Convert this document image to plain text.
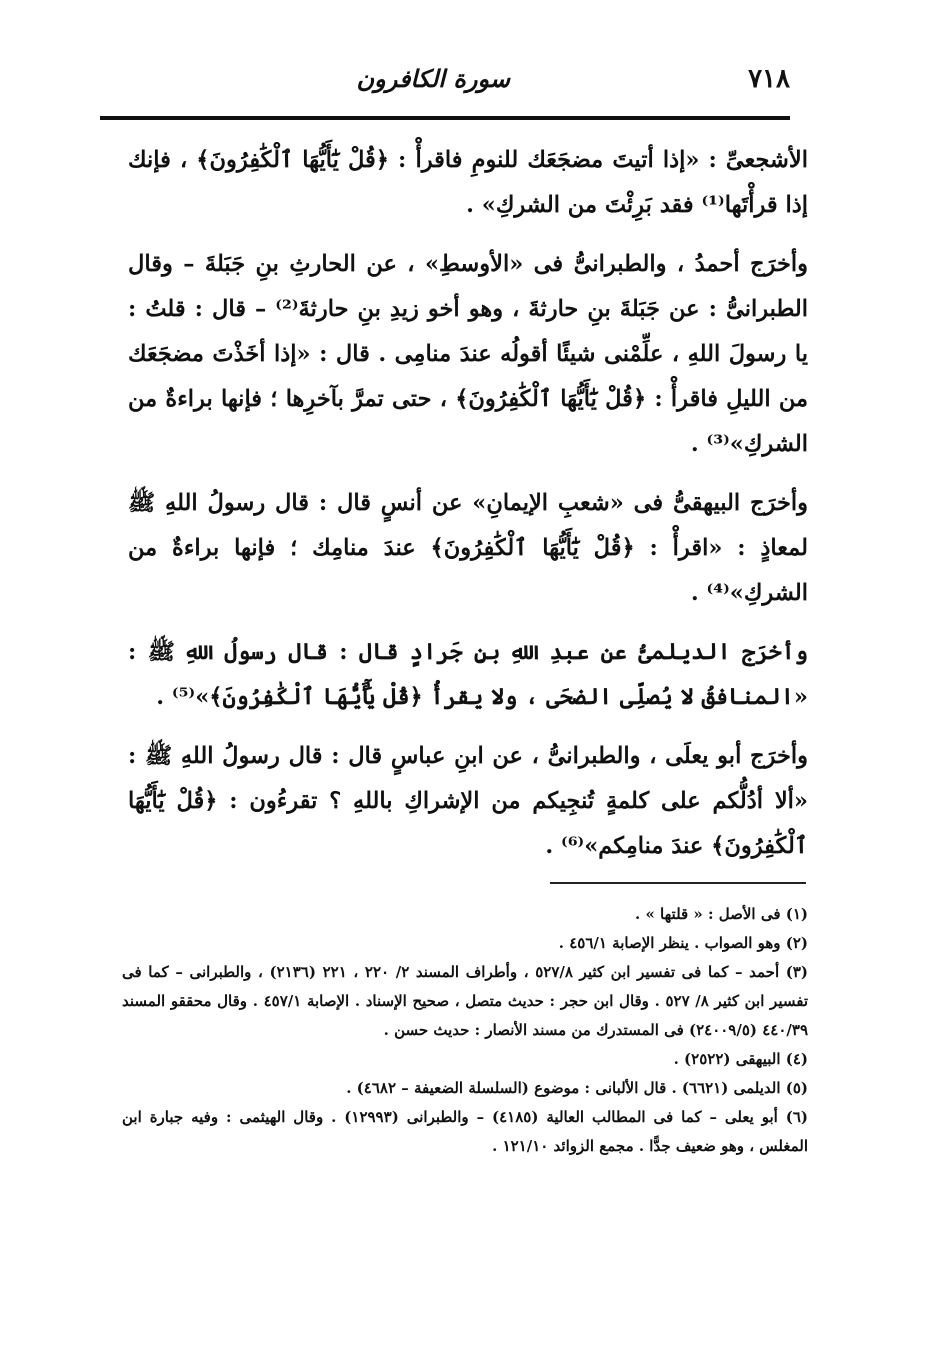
٧١٨
سورة الكافرون

الأشجعىِّ : «إذا أتيتَ مضجَعَك للنومِ فاقرأْ : ﴿قُلْ يَٰٓأَيُّهَا ٱلْكَٰفِرُونَ﴾ ، فإنك إذا قرأْتَها⁽¹⁾ فقد بَرِئْتَ من الشركِ» .

وأخرَج أحمدُ ، والطبرانىُّ فى «الأوسطِ» ، عن الحارثِ بنِ جَبَلةَ – وقال الطبرانىُّ : عن جَبَلةَ بنِ حارثةَ ، وهو أخو زيدِ بنِ حارثةَ⁽²⁾ – قال : قلتُ : يا رسولَ اللهِ ، علِّمْنى شيئًا أقولُه عندَ منامِى . قال : «إذا أخَذْتَ مضجَعَك من الليلِ فاقرأْ : ﴿قُلْ يَٰٓأَيُّهَا ٱلْكَٰفِرُونَ﴾ ، حتى تمرَّ بآخرِها ؛ فإنها براءةٌ من الشركِ»⁽³⁾ .

وأخرَج البيهقىُّ فى «شعبِ الإيمانِ» عن أنسٍ قال : قال رسولُ اللهِ ﷺ لمعاذٍ : «اقرأْ : ﴿قُلْ يَٰٓأَيُّهَا ٱلْكَٰفِرُونَ﴾ عندَ منامِك ؛ فإنها براءةٌ من الشركِ»⁽⁴⁾ .

وأخرَج الديلمىُّ عن عبدِ اللهِ بنِ جَرادٍ قال : قال رسولُ اللهِ ﷺ : «المنافقُ لا يُصلِّى الضحَى ، ولا يقرأُ ﴿قُلْ يَٰٓأَيُّهَا ٱلْكَٰفِرُونَ﴾»⁽⁵⁾ .

وأخرَج أبو يعلَى ، والطبرانىُّ ، عن ابنِ عباسٍ قال : قال رسولُ اللهِ ﷺ : «ألا أدُلُّكم على كلمةٍ تُنجِيكم من الإشراكِ باللهِ ؟ تقرءُون : ﴿قُلْ يَٰٓأَيُّهَا ٱلْكَٰفِرُونَ﴾ عندَ منامِكم»⁽⁶⁾ .

(١) فى الأصل : « قلتها » .

(٢) وهو الصواب . ينظر الإصابة ٤٥٦/١ .

(٣) أحمد – كما فى تفسير ابن كثير ٥٢٧/٨ ، وأطراف المسند ٢/ ٢٢٠ ، ٢٢١ (٢١٣٦) ، والطبرانى – كما فى تفسير ابن كثير ٨/ ٥٢٧ . وقال ابن حجر : حديث متصل ، صحيح الإسناد . الإصابة ٤٥٧/١ . وقال محققو المسند ٤٤٠/٣٩ (٢٤٠٠٩/٥) فى المستدرك من مسند الأنصار : حديث حسن .

(٤) البيهقى (٢٥٢٢) .

(٥) الديلمى (٦٦٢١) . قال الألبانى : موضوع (السلسلة الضعيفة – ٤٦٨٢) .

(٦) أبو يعلى – كما فى المطالب العالية (٤١٨٥) – والطبرانى (١٢٩٩٣) . وقال الهيثمى : وفيه جبارة ابن المغلس ، وهو ضعيف جدًّا . مجمع الزوائد ١٢١/١٠ .
